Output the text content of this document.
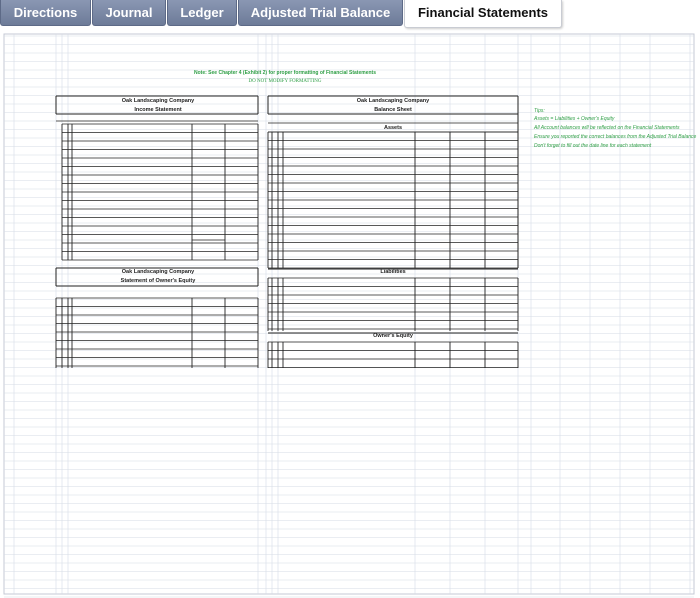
Directions	Journal	Ledger	Adjusted Trial Balance	Financial Statements
Note: See Chapter 4 (Exhibit 2) for proper formatting of Financial Statements
DO NOT MODIFY FORMATTING
Oak Landscaping Company
Income Statement
Oak Landscaping Company
Balance Sheet
Assets
Oak Landscaping Company
Statement of Owner's Equity
Liabilities
Owner's Equity
Tips:
Assets = Liabilities + Owner's Equity
All Account balances will be reflected on the Financial Statements
Ensure you reported the correct balances from the Adjusted Trial Balance
Don't forget to fill out the date line for each statement
